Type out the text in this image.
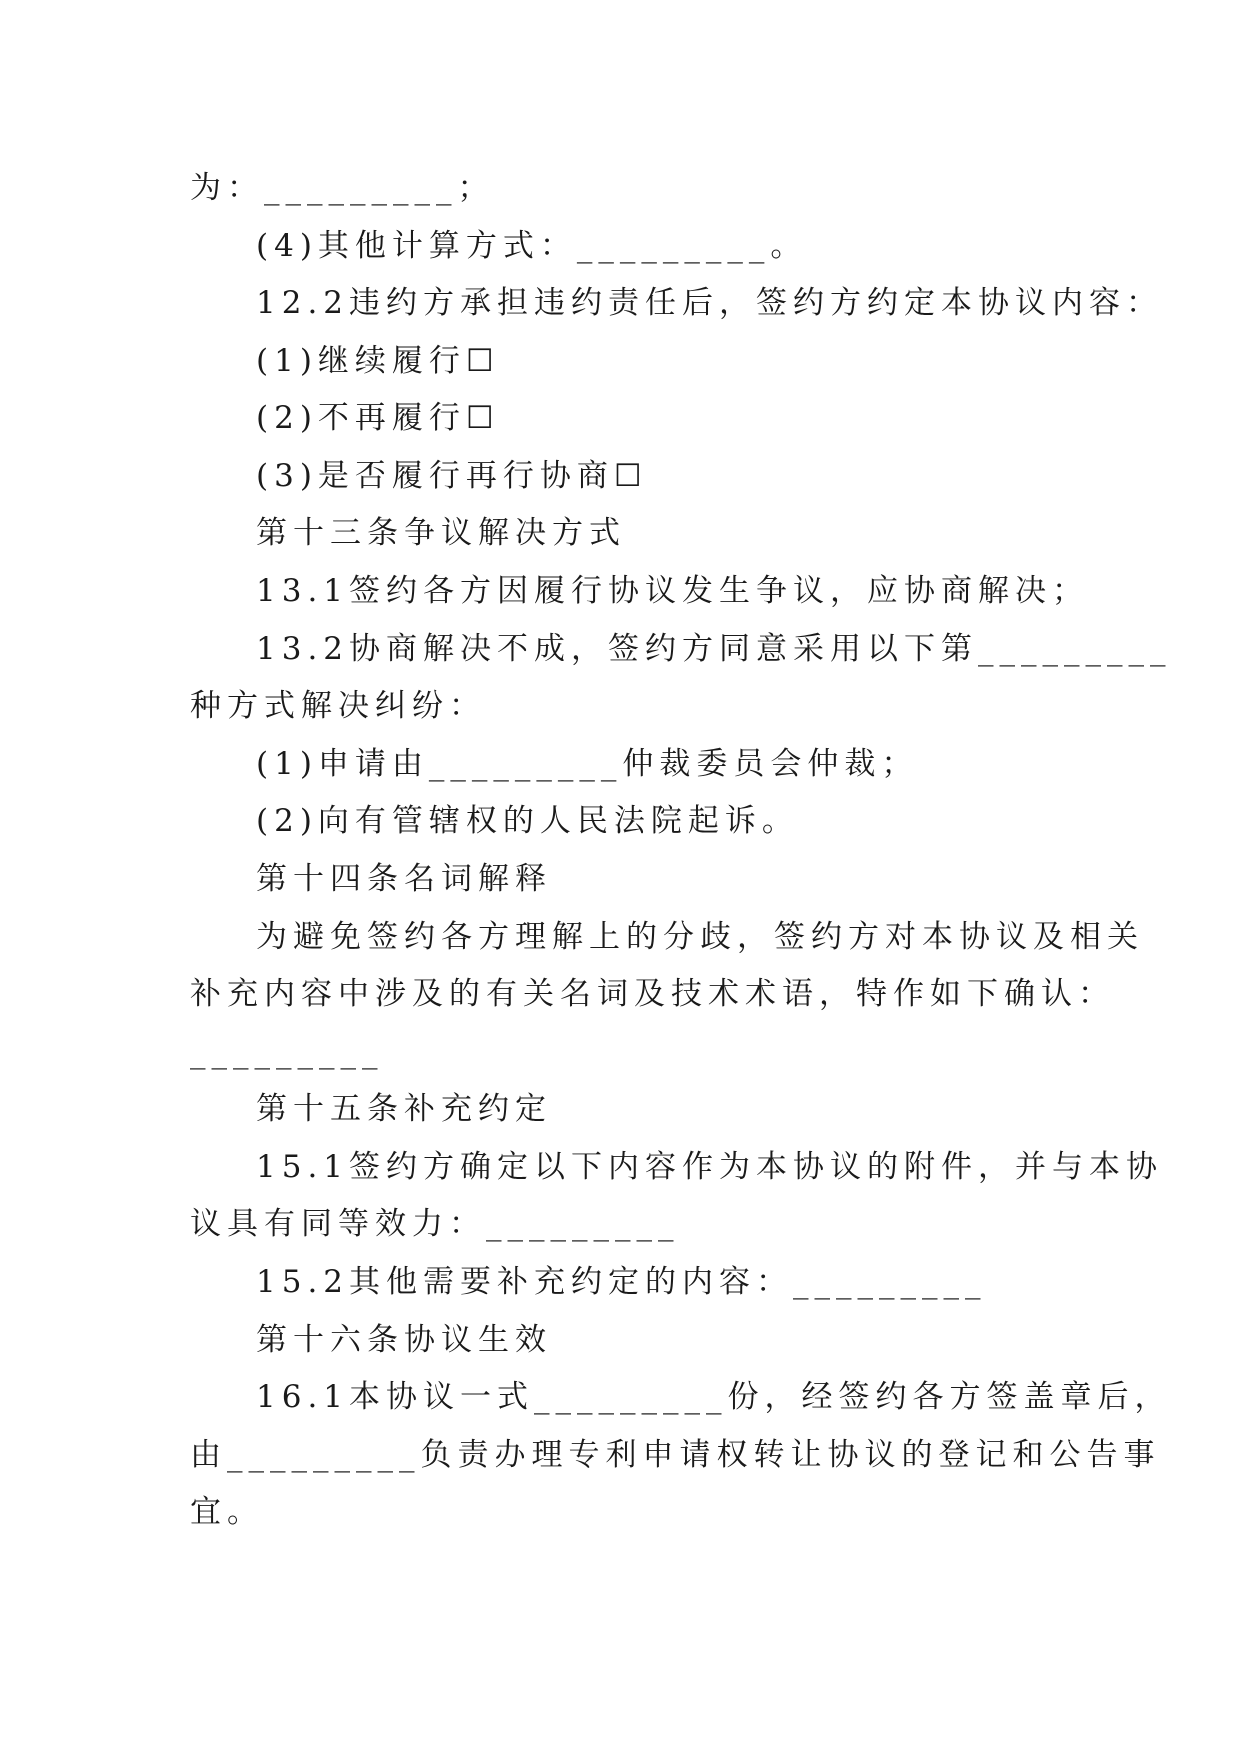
为：_________；
(4)其他计算方式：_________。
12.2违约方承担违约责任后，签约方约定本协议内容：
(1)继续履行☐
(2)不再履行☐
(3)是否履行再行协商☐
第十三条争议解决方式
13.1签约各方因履行协议发生争议，应协商解决；
13.2协商解决不成，签约方同意采用以下第_________
种方式解决纠纷：
(1)申请由_________仲裁委员会仲裁；
(2)向有管辖权的人民法院起诉。
第十四条名词解释
为避免签约各方理解上的分歧，签约方对本协议及相关
补充内容中涉及的有关名词及技术术语，特作如下确认：
_________
第十五条补充约定
15.1签约方确定以下内容作为本协议的附件，并与本协
议具有同等效力：_________
15.2其他需要补充约定的内容：_________
第十六条协议生效
16.1本协议一式_________份，经签约各方签盖章后，
由_________负责办理专利申请权转让协议的登记和公告事
宜。
